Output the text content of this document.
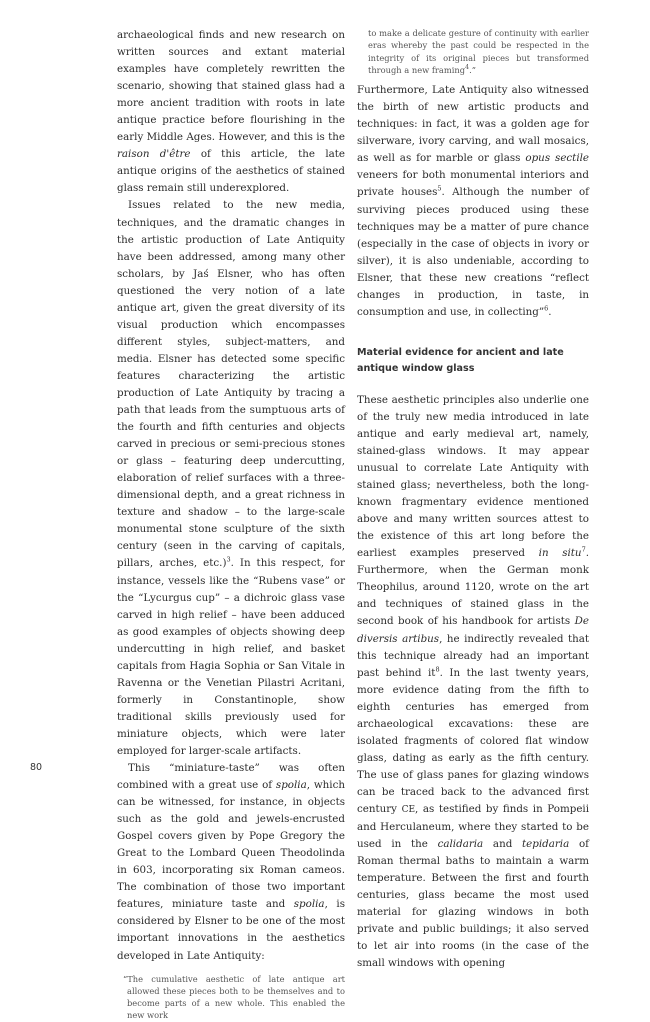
archaeological finds and new research on written sources and extant material examples have completely rewritten the scenario, showing that stained glass had a more ancient tradition with roots in late antique practice before flourishing in the early Middle Ages. However, and this is the raison d'être of this article, the late antique origins of the aesthetics of stained glass remain still underexplored.

Issues related to the new media, techniques, and the dramatic changes in the artistic production of Late Antiquity have been addressed, among many other scholars, by Jaś Elsner, who has often questioned the very notion of a late antique art, given the great diversity of its visual production which encompasses different styles, subject-matters, and media. Elsner has detected some specific features characterizing the artistic production of Late Antiquity by tracing a path that leads from the sumptuous arts of the fourth and fifth centuries and objects carved in precious or semi-precious stones or glass – featuring deep undercutting, elaboration of relief surfaces with a three-dimensional depth, and a great richness in texture and shadow – to the large-scale monumental stone sculpture of the sixth century (seen in the carving of capitals, pillars, arches, etc.)$^3$. In this respect, for instance, vessels like the “Rubens vase” or the “Lycurgus cup” – a dichroic glass vase carved in high relief – have been adduced as good examples of objects showing deep undercutting in high relief, and basket capitals from Hagia Sophia or San Vitale in Ravenna or the Venetian Pilastri Acritani, formerly in Constantinople, show traditional skills previously used for miniature objects, which were later employed for larger-scale artifacts.

This “miniature-taste” was often combined with a great use of spolia, which can be witnessed, for instance, in objects such as the gold and jewels-encrusted Gospel covers given by Pope Gregory the Great to the Lombard Queen Theodolinda in 603, incorporating six Roman cameos. The combination of those two important features, miniature taste and spolia, is considered by Elsner to be one of the most important innovations in the aesthetics developed in Late Antiquity:

“The cumulative aesthetic of late antique art allowed these pieces both to be themselves and to become parts of a new whole. This enabled the new work

to make a delicate gesture of continuity with earlier eras whereby the past could be respected in the integrity of its original pieces but transformed through a new framing$^4$.”

Furthermore, Late Antiquity also witnessed the birth of new artistic products and techniques: in fact, it was a golden age for silverware, ivory carving, and wall mosaics, as well as for marble or glass opus sectile veneers for both monumental interiors and private houses$^5$. Although the number of surviving pieces produced using these techniques may be a matter of pure chance (especially in the case of objects in ivory or silver), it is also undeniable, according to Elsner, that these new creations “reflect changes in production, in taste, in consumption and use, in collecting”$^6$.

Material evidence for ancient and late antique window glass

These aesthetic principles also underlie one of the truly new media introduced in late antique and early medieval art, namely, stained-glass windows. It may appear unusual to correlate Late Antiquity with stained glass; nevertheless, both the long-known fragmentary evidence mentioned above and many written sources attest to the existence of this art long before the earliest examples preserved in situ$^7$. Furthermore, when the German monk Theophilus, around 1120, wrote on the art and techniques of stained glass in the second book of his handbook for artists De diversis artibus, he indirectly revealed that this technique already had an important past behind $it^8$. In the last twenty years, more evidence dating from the fifth to eighth centuries has emerged from archaeological excavations: these are isolated fragments of colored flat window glass, dating as early as the fifth century. The use of glass panes for glazing windows can be traced back to the advanced first century CE, as testified by finds in Pompeii and Herculaneum, where they started to be used in the calidaria and tepidaria of Roman thermal baths to maintain a warm temperature. Between the first and fourth centuries, glass became the most used material for glazing windows in both private and public buildings; it also served to let air into rooms (in the case of the small windows with opening

80
